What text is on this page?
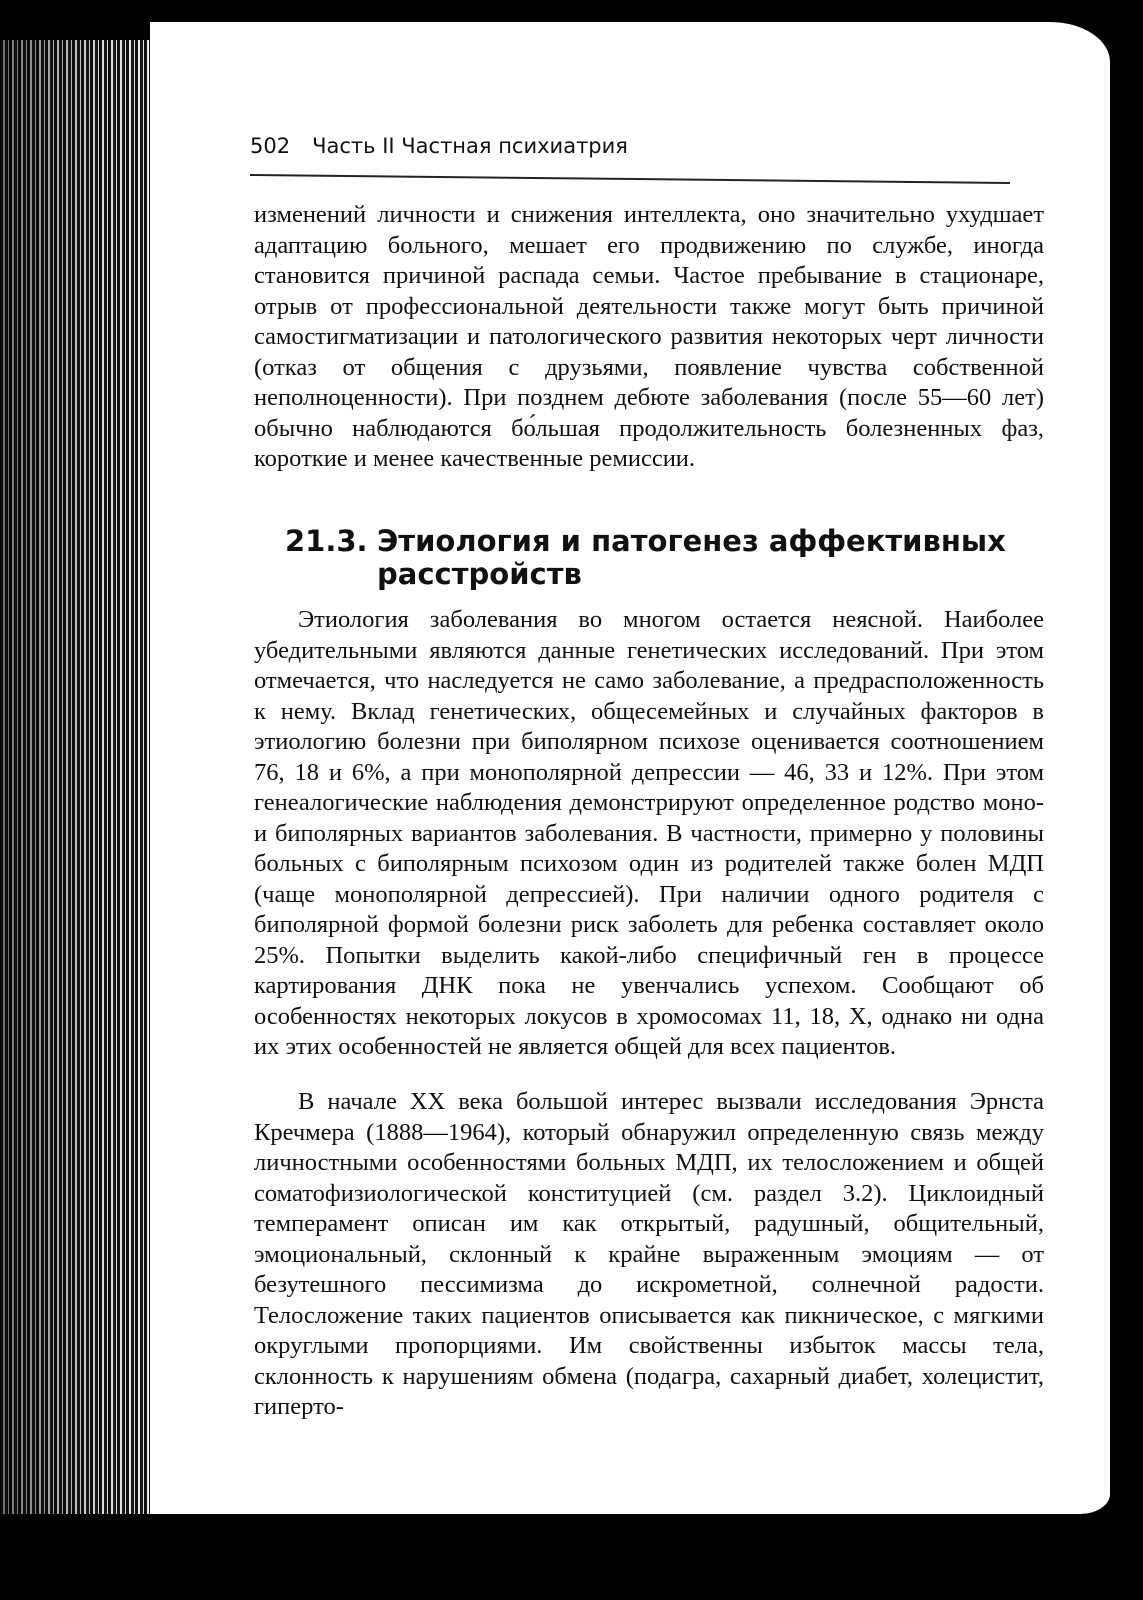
502 Часть II Частная психиатрия

изменений личности и снижения интеллекта, оно значительно ухудшает адаптацию больного, мешает его продвижению по службе, иногда становится причиной распада семьи. Частое пребывание в стационаре, отрыв от профессиональной деятельности также могут быть причиной самостигматизации и патологического развития некоторых черт личности (отказ от общения с друзьями, появление чувства собственной неполноценности). При позднем дебюте заболевания (после 55—60 лет) обычно наблюдаются бо́льшая продолжительность болезненных фаз, короткие и менее качественные ремиссии.

21.3. Этиология и патогенез аффективных
расстройств

Этиология заболевания во многом остается неясной. Наиболее убедительными являются данные генетических исследований. При этом отмечается, что наследуется не само заболевание, а предрасположенность к нему. Вклад генетических, общесемейных и случайных факторов в этиологию болезни при биполярном психозе оценивается соотношением 76, 18 и 6%, а при монополярной депрессии — 46, 33 и 12%. При этом генеалогические наблюдения демонстрируют определенное родство моно- и биполярных вариантов заболевания. В частности, примерно у половины больных с биполярным психозом один из родителей также болен МДП (чаще монополярной депрессией). При наличии одного родителя с биполярной формой болезни риск заболеть для ребенка составляет около 25%. Попытки выделить какой-либо специфичный ген в процессе картирования ДНК пока не увенчались успехом. Сообщают об особенностях некоторых локусов в хромосомах 11, 18, X, однако ни одна их этих особенностей не является общей для всех пациентов.

В начале XX века большой интерес вызвали исследования Эрнста Кречмера (1888—1964), который обнаружил определенную связь между личностными особенностями больных МДП, их телосложением и общей соматофизиологической конституцией (см. раздел 3.2). Циклоидный темперамент описан им как открытый, радушный, общительный, эмоциональный, склонный к крайне выраженным эмоциям — от безутешного пессимизма до искрометной, солнечной радости. Телосложение таких пациентов описывается как пикническое, с мягкими округлыми пропорциями. Им свойственны избыток массы тела, склонность к нарушениям обмена (подагра, сахарный диабет, холецистит, гиперто-
